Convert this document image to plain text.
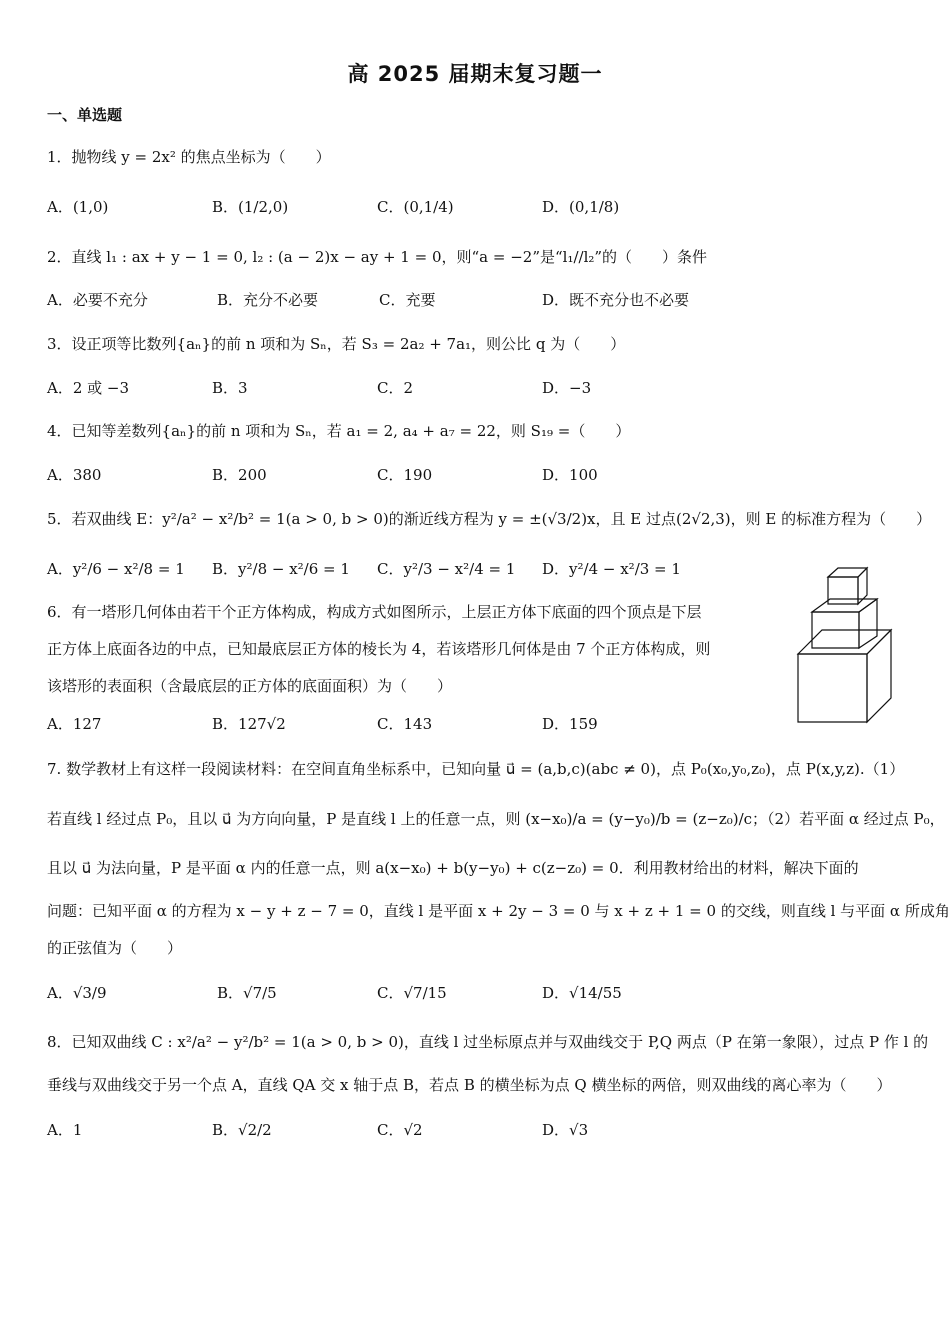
高 2025 届期末复习题一
一、单选题
1．抛物线 y = 2x² 的焦点坐标为（　　）
A．(1,0)	B．(1/2,0)	C．(0,1/4)	D．(0,1/8)
2．直线 l₁ : ax + y − 1 = 0, l₂ : (a − 2)x − ay + 1 = 0，则“a = −2”是“l₁//l₂”的（　　）条件
A．必要不充分	B．充分不必要	C．充要	D．既不充分也不必要
3．设正项等比数列{aₙ}的前 n 项和为 Sₙ，若 S₃ = 2a₂ + 7a₁，则公比 q 为（　　）
A．2 或 −3	B．3	C．2	D．−3
4．已知等差数列{aₙ}的前 n 项和为 Sₙ，若 a₁ = 2, a₄ + a₇ = 22，则 S₁₉ =（　　）
A．380	B．200	C．190	D．100
5．若双曲线 E：y²/a² − x²/b² = 1(a > 0, b > 0)的渐近线方程为 y = ±(√3/2)x，且 E 过点(2√2,3)，则 E 的标准方程为（　　）
A．y²/6 − x²/8 = 1 B．y²/8 − x²/6 = 1 C．y²/3 − x²/4 = 1 D．y²/4 − x²/3 = 1
6．有一塔形几何体由若干个正方体构成，构成方式如图所示，上层正方体下底面的四个顶点是下层
正方体上底面各边的中点，已知最底层正方体的棱长为 4，若该塔形几何体是由 7 个正方体构成，则
该塔形的表面积（含最底层的正方体的底面面积）为（　　）
A．127	B．127√2	C．143	D．159
7. 数学教材上有这样一段阅读材料：在空间直角坐标系中，已知向量 u⃗ = (a,b,c)(abc ≠ 0)，点 P₀(x₀,y₀,z₀)，点 P(x,y,z).（1）
若直线 l 经过点 P₀，且以 u⃗ 为方向向量，P 是直线 l 上的任意一点，则 (x−x₀)/a = (y−y₀)/b = (z−z₀)/c；（2）若平面 α 经过点 P₀，
且以 u⃗ 为法向量，P 是平面 α 内的任意一点，则 a(x−x₀) + b(y−y₀) + c(z−z₀) = 0．利用教材给出的材料，解决下面的
问题：已知平面 α 的方程为 x − y + z − 7 = 0，直线 l 是平面 x + 2y − 3 = 0 与 x + z + 1 = 0 的交线，则直线 l 与平面 α 所成角
的正弦值为（　　）
A．√3/9	B．√7/5	C．√7/15	D．√14/55
8．已知双曲线 C : x²/a² − y²/b² = 1(a > 0, b > 0)，直线 l 过坐标原点并与双曲线交于 P,Q 两点（P 在第一象限），过点 P 作 l 的
垂线与双曲线交于另一个点 A，直线 QA 交 x 轴于点 B，若点 B 的横坐标为点 Q 横坐标的两倍，则双曲线的离心率为（　　）
A．1	B．√2/2	C．√2	D．√3
